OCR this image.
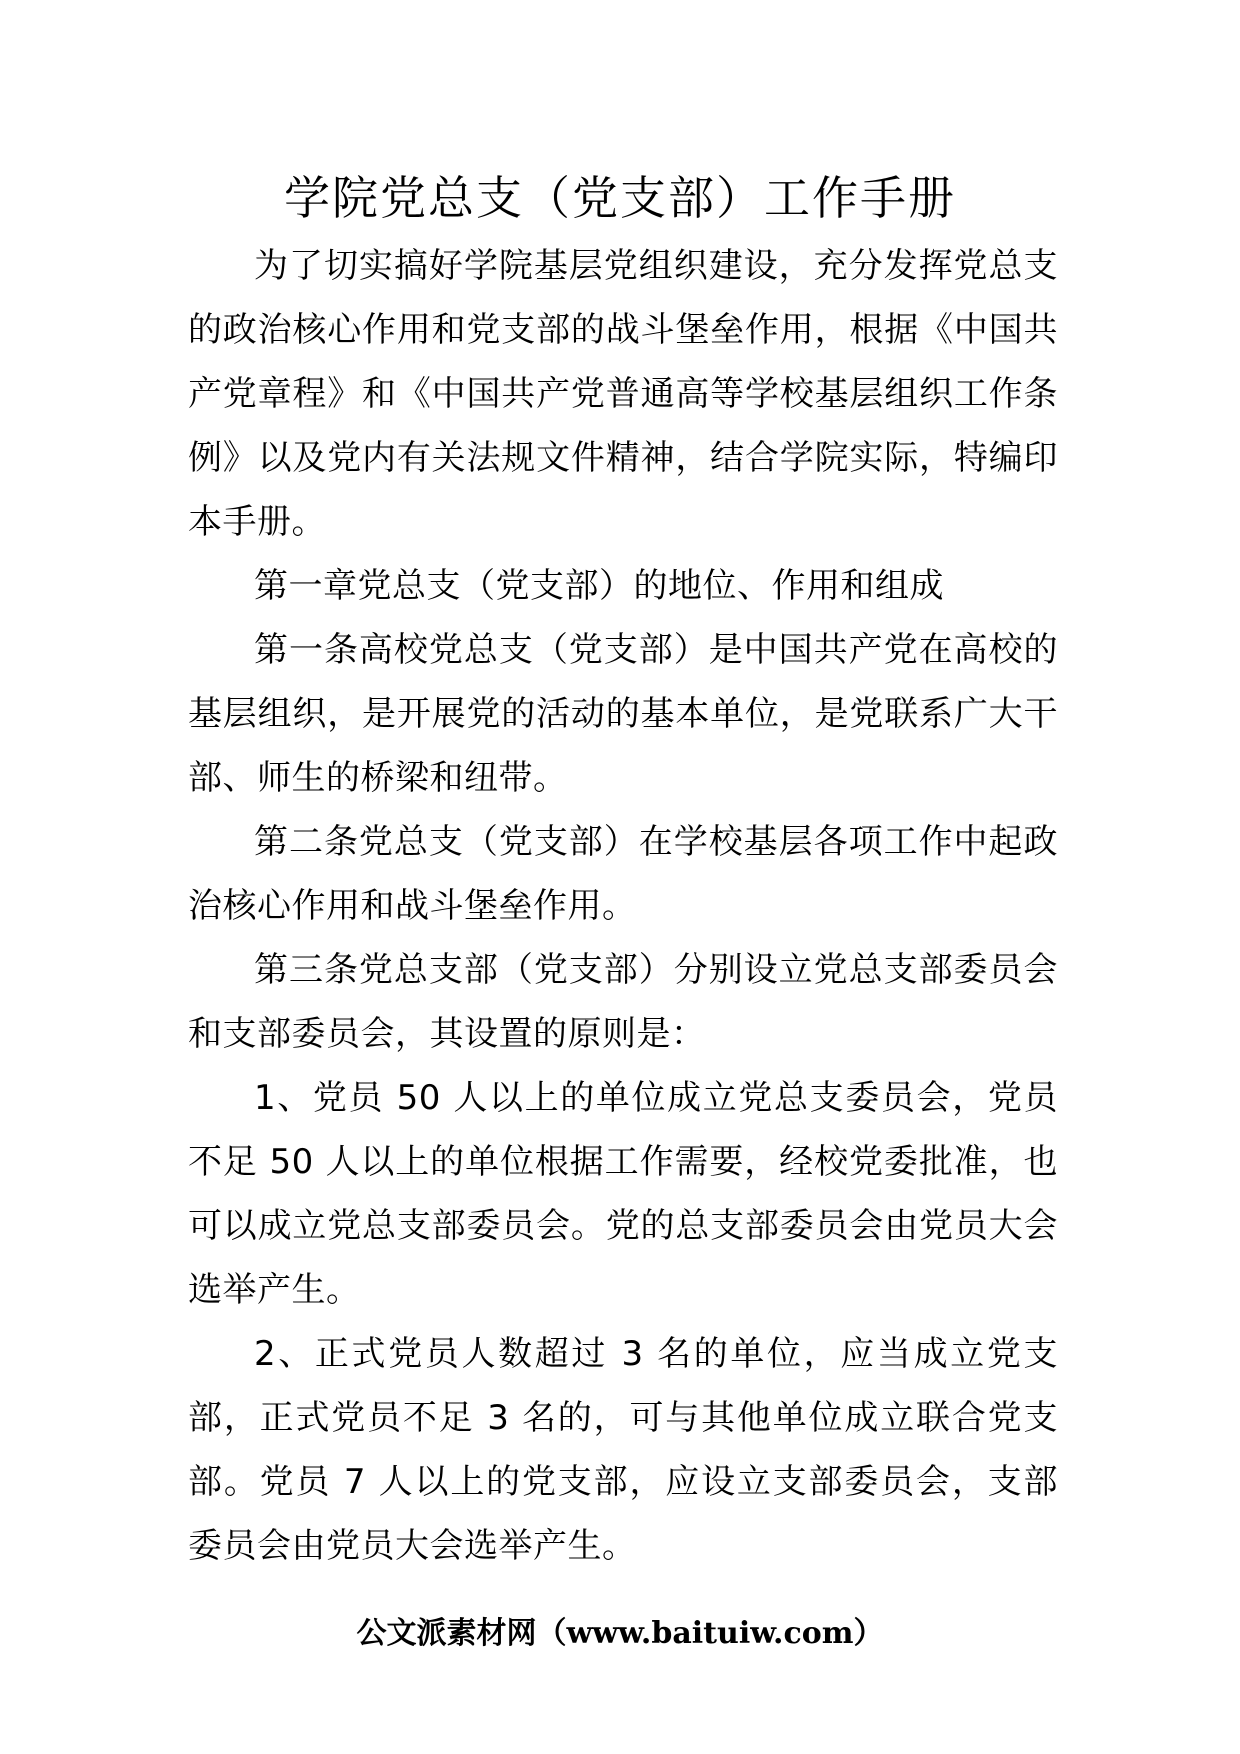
学院党总支（党支部）工作手册

为了切实搞好学院基层党组织建设，充分发挥党总支的政治核心作用和党支部的战斗堡垒作用，根据《中国共产党章程》和《中国共产党普通高等学校基层组织工作条例》以及党内有关法规文件精神，结合学院实际，特编印本手册。

第一章党总支（党支部）的地位、作用和组成

第一条高校党总支（党支部）是中国共产党在高校的基层组织，是开展党的活动的基本单位，是党联系广大干部、师生的桥梁和纽带。

第二条党总支（党支部）在学校基层各项工作中起政治核心作用和战斗堡垒作用。

第三条党总支部（党支部）分别设立党总支部委员会和支部委员会，其设置的原则是：

1、党员 50 人以上的单位成立党总支委员会，党员不足 50 人以上的单位根据工作需要，经校党委批准，也可以成立党总支部委员会。党的总支部委员会由党员大会选举产生。

2、正式党员人数超过 3 名的单位，应当成立党支部，正式党员不足 3 名的，可与其他单位成立联合党支部。党员 7 人以上的党支部，应设立支部委员会，支部委员会由党员大会选举产生。

公文派素材网（www.baituiw.com）
